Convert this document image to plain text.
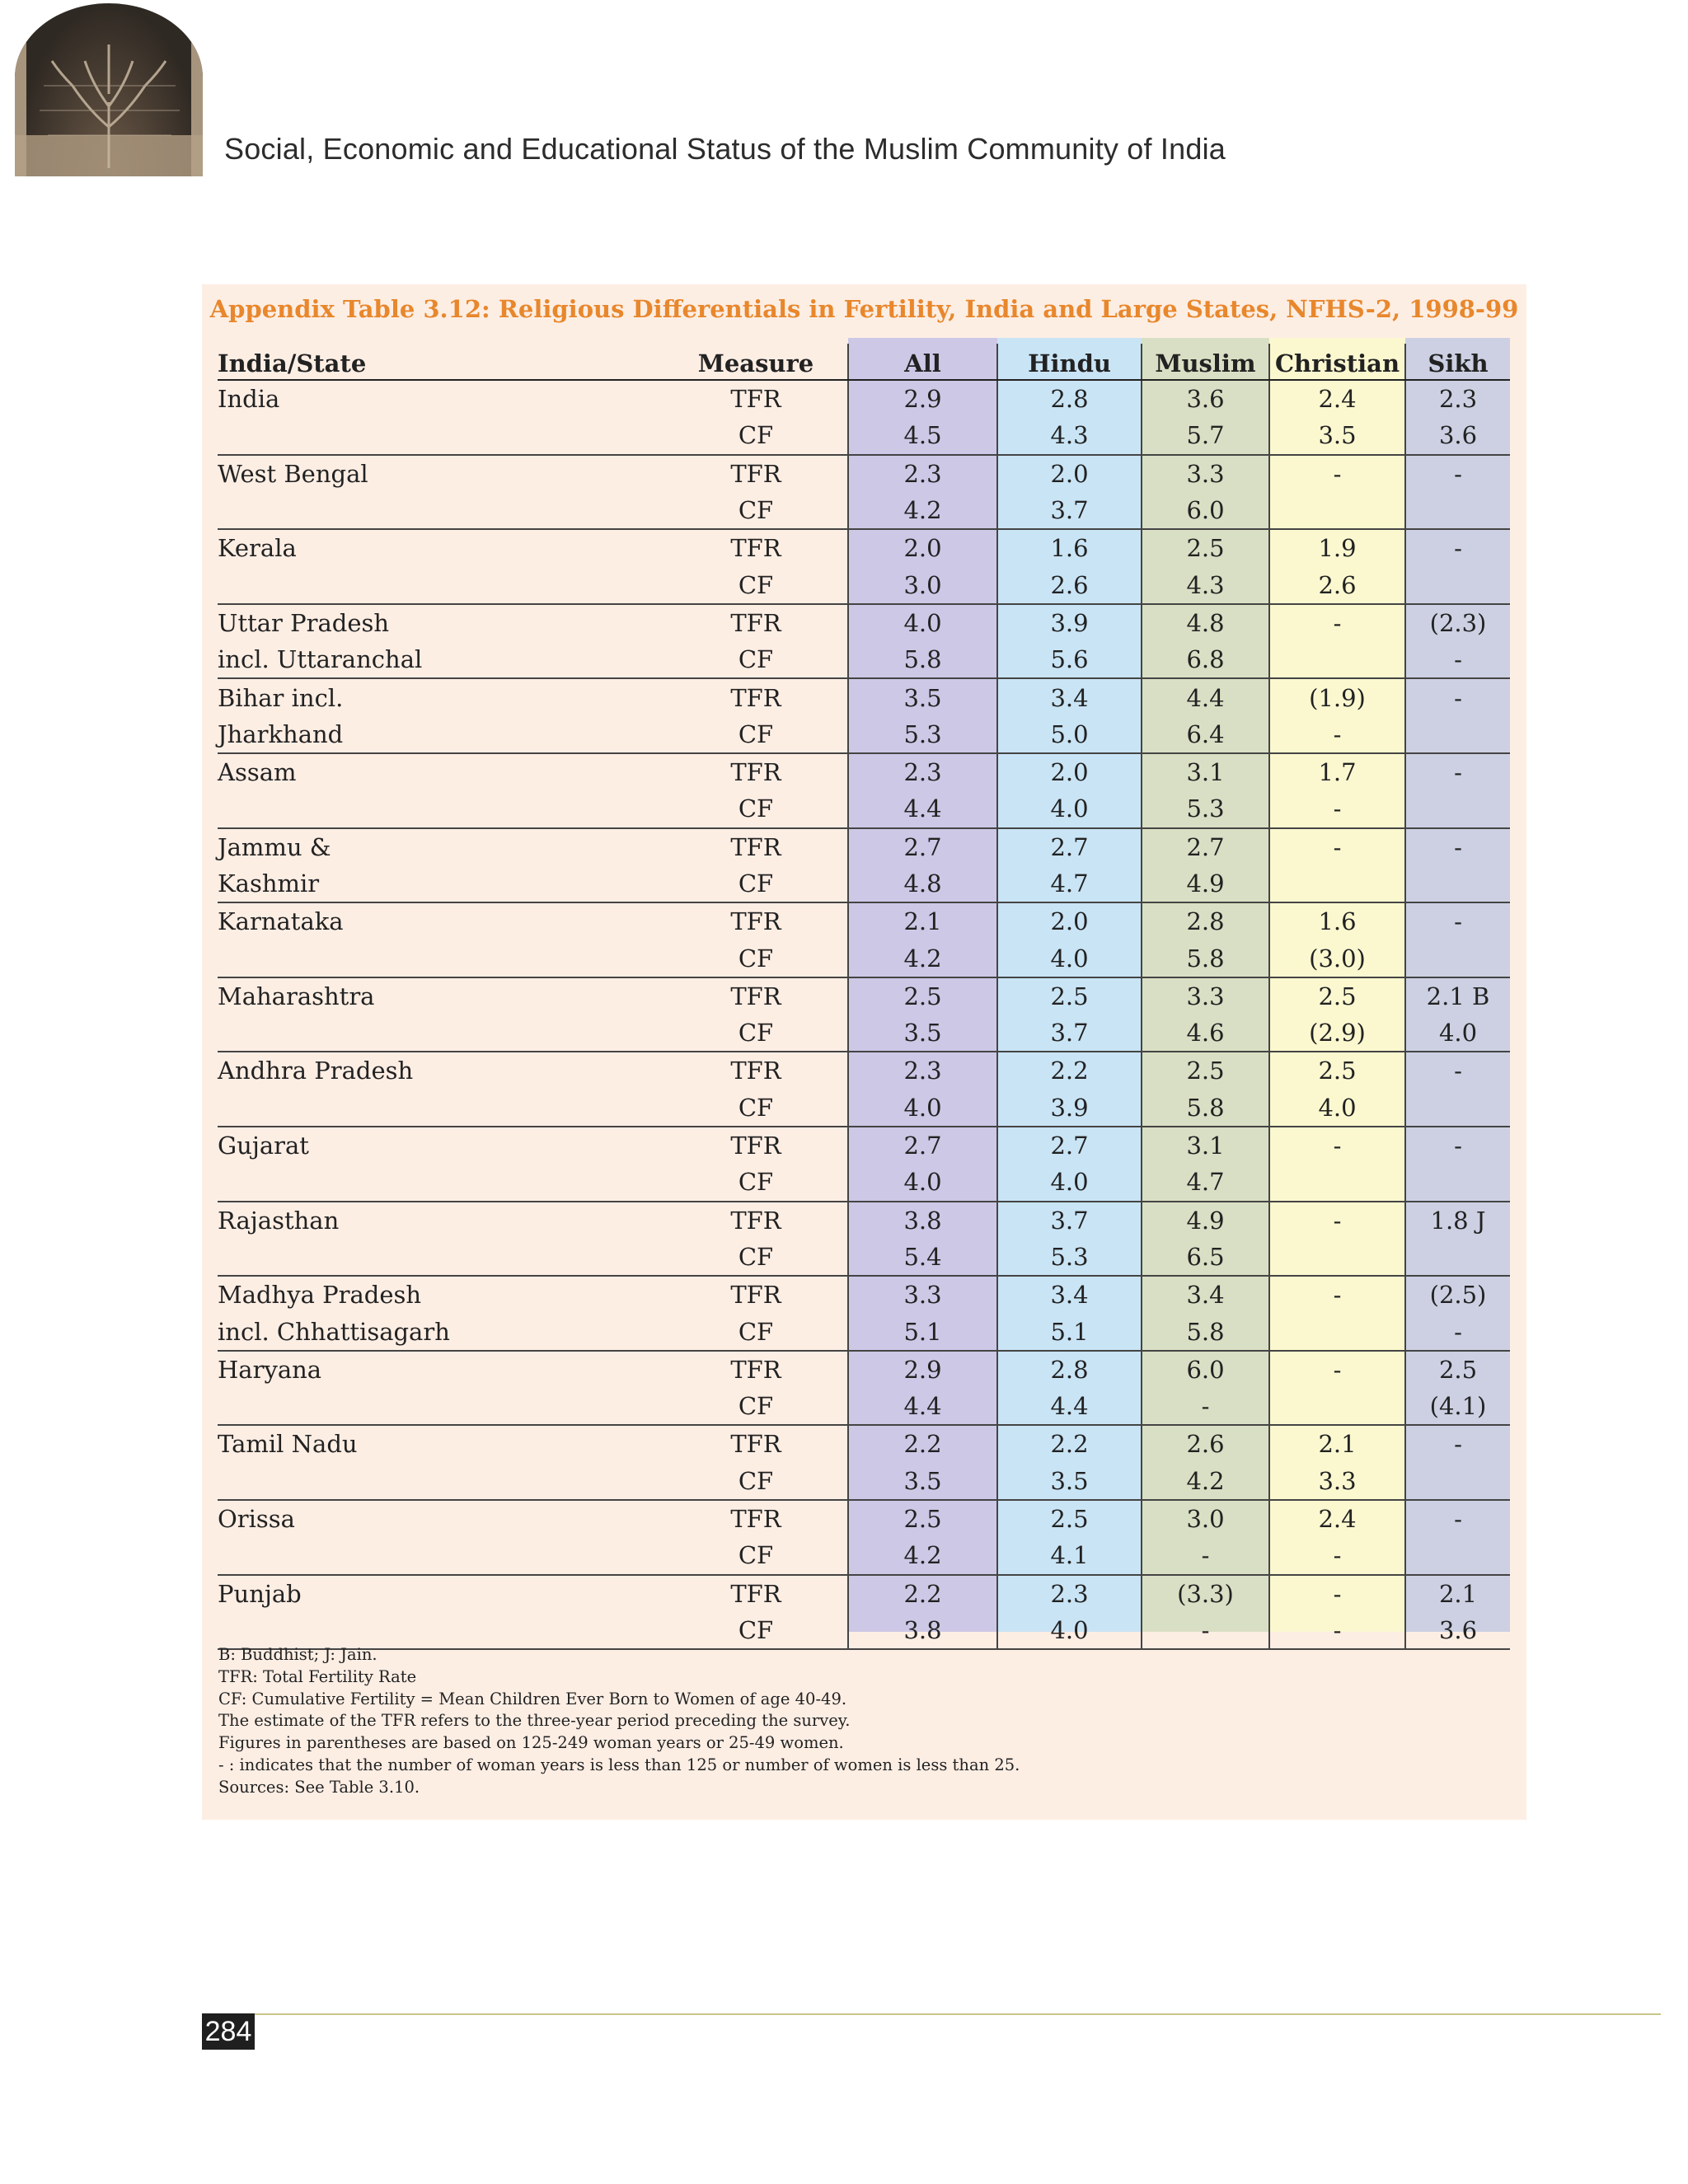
Social, Economic and Educational Status of the Muslim Community of India
Appendix Table 3.12: Religious Differentials in Fertility, India and Large States, NFHS-2, 1998-99
India/State	Measure	All	Hindu	Muslim	Christian	Sikh
India	TFR	2.9	2.8	3.6	2.4	2.3
	CF	4.5	4.3	5.7	3.5	3.6
West Bengal	TFR	2.3	2.0	3.3	-	-
	CF	4.2	3.7	6.0		
Kerala	TFR	2.0	1.6	2.5	1.9	-
	CF	3.0	2.6	4.3	2.6	
Uttar Pradesh	TFR	4.0	3.9	4.8	-	(2.3)
incl. Uttaranchal	CF	5.8	5.6	6.8		-
Bihar incl.	TFR	3.5	3.4	4.4	(1.9)	-
Jharkhand	CF	5.3	5.0	6.4	-	
Assam	TFR	2.3	2.0	3.1	1.7	-
	CF	4.4	4.0	5.3	-	
Jammu &	TFR	2.7	2.7	2.7	-	-
Kashmir	CF	4.8	4.7	4.9		
Karnataka	TFR	2.1	2.0	2.8	1.6	-
	CF	4.2	4.0	5.8	(3.0)	
Maharashtra	TFR	2.5	2.5	3.3	2.5	2.1 B
	CF	3.5	3.7	4.6	(2.9)	4.0
Andhra Pradesh	TFR	2.3	2.2	2.5	2.5	-
	CF	4.0	3.9	5.8	4.0	
Gujarat	TFR	2.7	2.7	3.1	-	-
	CF	4.0	4.0	4.7		
Rajasthan	TFR	3.8	3.7	4.9	-	1.8 J
	CF	5.4	5.3	6.5		
Madhya Pradesh	TFR	3.3	3.4	3.4	-	(2.5)
incl. Chhattisagarh	CF	5.1	5.1	5.8		-
Haryana	TFR	2.9	2.8	6.0	-	2.5
	CF	4.4	4.4	-		(4.1)
Tamil Nadu	TFR	2.2	2.2	2.6	2.1	-
	CF	3.5	3.5	4.2	3.3	
Orissa	TFR	2.5	2.5	3.0	2.4	-
	CF	4.2	4.1	-	-	
Punjab	TFR	2.2	2.3	(3.3)	-	2.1
	CF	3.8	4.0	-	-	3.6
B: Buddhist; J: Jain.
TFR: Total Fertility Rate
CF: Cumulative Fertility = Mean Children Ever Born to Women of age 40-49.
The estimate of the TFR refers to the three-year period preceding the survey.
Figures in parentheses are based on 125-249 woman years or 25-49 women.
- : indicates that the number of woman years is less than 125 or number of women is less than 25.
Sources: See Table 3.10.
284
